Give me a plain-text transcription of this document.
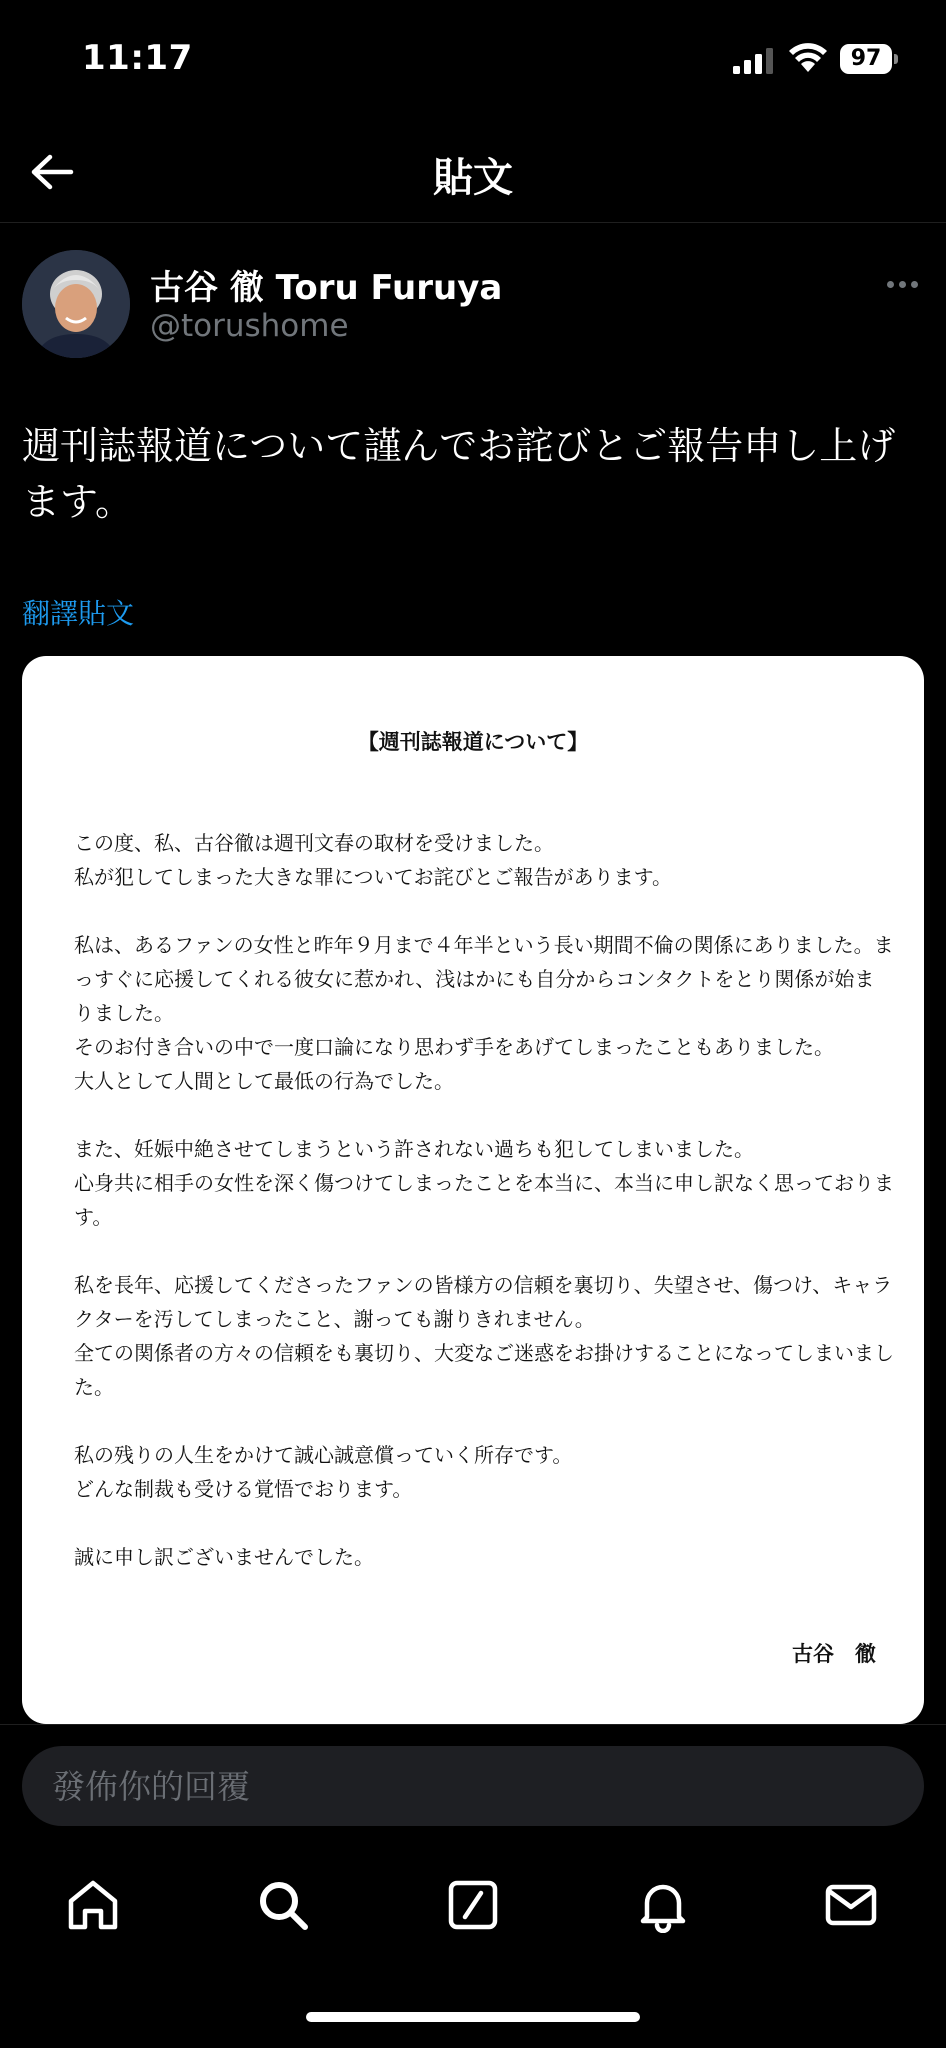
11:17	97
貼文
古谷 徹 Toru Furuya
@torushome
週刊誌報道について謹んでお詫びとご報告申し上げます。
翻譯貼文
【週刊誌報道について】

この度、私、古谷徹は週刊文春の取材を受けました。
私が犯してしまった大きな罪についてお詫びとご報告があります。

私は、あるファンの女性と昨年９月まで４年半という長い期間不倫の関係にありました。まっすぐに応援してくれる彼女に惹かれ、浅はかにも自分からコンタクトをとり関係が始まりました。
そのお付き合いの中で一度口論になり思わず手をあげてしまったこともありました。
大人として人間として最低の行為でした。

また、妊娠中絶させてしまうという許されない過ちも犯してしまいました。
心身共に相手の女性を深く傷つけてしまったことを本当に、本当に申し訳なく思っております。

私を長年、応援してくださったファンの皆様方の信頼を裏切り、失望させ、傷つけ、キャラクターを汚してしまったこと、謝っても謝りきれません。
全ての関係者の方々の信頼をも裏切り、大変なご迷惑をお掛けすることになってしまいました。

私の残りの人生をかけて誠心誠意償っていく所存です。
どんな制裁も受ける覚悟でおります。

誠に申し訳ございませんでした。

古谷　徹
發佈你的回覆
